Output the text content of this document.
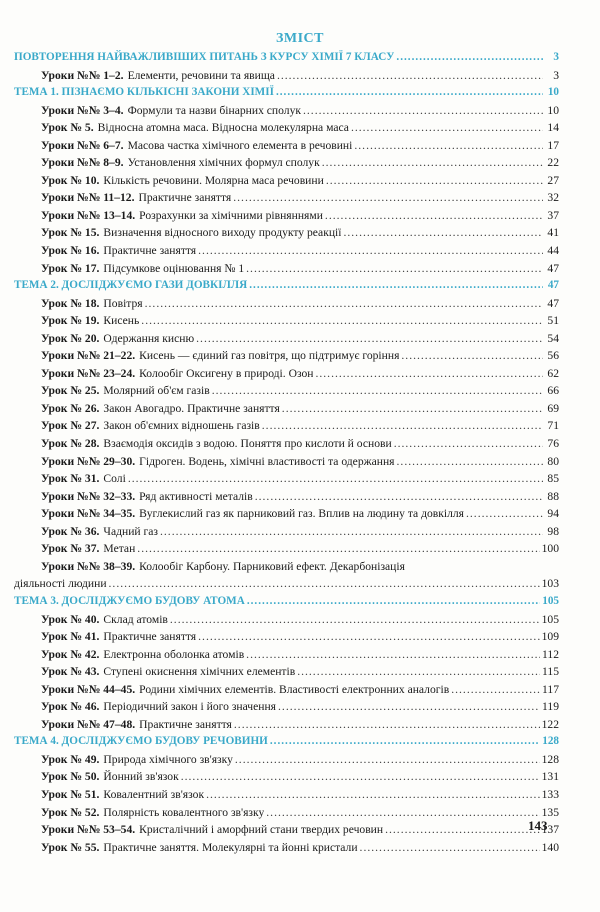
ЗМІСТ
ПОВТОРЕННЯ НАЙВАЖЛИВІШИХ ПИТАНЬ З КУРСУ ХІМІЇ 7 КЛАСУ .....	3
Уроки №№ 1–2. Елементи, речовини та явища .....	3
ТЕМА 1. ПІЗНАЄМО КІЛЬКІСНІ ЗАКОНИ ХІМІЇ .....	10
Уроки №№ 3–4. Формули та назви бінарних сполук .....	10
Урок № 5. Відносна атомна маса. Відносна молекулярна маса .....	14
Уроки №№ 6–7. Масова частка хімічного елемента в речовині .....	17
Уроки №№ 8–9. Установлення хімічних формул сполук .....	22
Урок № 10. Кількість речовини. Молярна маса речовини .....	27
Уроки №№ 11–12. Практичне заняття .....	32
Уроки №№ 13–14. Розрахунки за хімічними рівняннями .....	37
Урок № 15. Визначення відносного виходу продукту реакції .....	41
Урок № 16. Практичне заняття .....	44
Урок № 17. Підсумкове оцінювання № 1 .....	47
ТЕМА 2. ДОСЛІДЖУЄМО ГАЗИ ДОВКІЛЛЯ .....	47
Урок № 18. Повітря .....	47
Урок № 19. Кисень .....	51
Урок № 20. Одержання кисню .....	54
Уроки №№ 21–22. Кисень — єдиний газ повітря, що підтримує горіння .....	56
Уроки №№ 23–24. Колообіг Оксигену в природі. Озон .....	62
Урок № 25. Молярний об'єм газів .....	66
Урок № 26. Закон Авогадро. Практичне заняття .....	69
Урок № 27. Закон об'ємних відношень газів .....	71
Урок № 28. Взаємодія оксидів з водою. Поняття про кислоти й основи .....	76
Уроки №№ 29–30. Гідроген. Водень, хімічні властивості та одержання .....	80
Урок № 31. Солі .....	85
Уроки №№ 32–33. Ряд активності металів .....	88
Уроки №№ 34–35. Вуглекислий газ як парниковий газ. Вплив на людину та довкілля .....	94
Урок № 36. Чадний газ .....	98
Урок № 37. Метан .....	100
Уроки №№ 38–39. Колообіг Карбону. Парниковий ефект. Декарбонізація
діяльності людини .....	103
ТЕМА 3. ДОСЛІДЖУЄМО БУДОВУ АТОМА .....	105
Урок № 40. Склад атомів .....	105
Урок № 41. Практичне заняття .....	109
Урок № 42. Електронна оболонка атомів .....	112
Урок № 43. Ступені окиснення хімічних елементів .....	115
Уроки №№ 44–45. Родини хімічних елементів. Властивості електронних аналогів .....	117
Урок № 46. Періодичний закон і його значення .....	119
Уроки №№ 47–48. Практичне заняття .....	122
ТЕМА 4. ДОСЛІДЖУЄМО БУДОВУ РЕЧОВИНИ .....	128
Урок № 49. Природа хімічного зв'язку .....	128
Урок № 50. Йонний зв'язок .....	131
Урок № 51. Ковалентний зв'язок .....	133
Урок № 52. Полярність ковалентного зв'язку .....	135
Уроки №№ 53–54. Кристалічний і аморфний стани твердих речовин .....	137
Урок № 55. Практичне заняття. Молекулярні та йонні кристали .....	140
143
